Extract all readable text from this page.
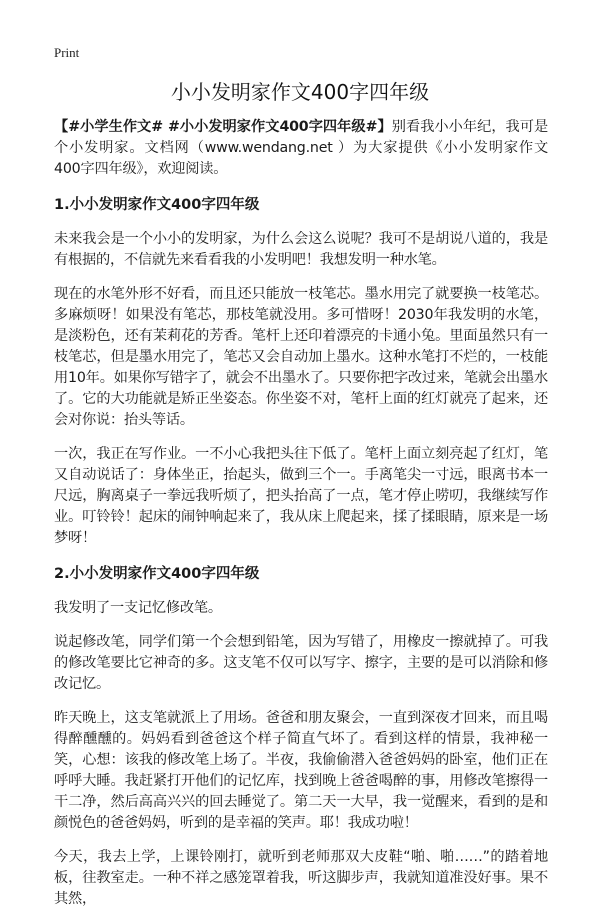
Print
小小发明家作文400字四年级

【#小学生作文# #小小发明家作文400字四年级#】别看我小小年纪，我可是个小发明家。文档网（www.wendang.net ）为大家提供《小小发明家作文400字四年级》，欢迎阅读。

1.小小发明家作文400字四年级

未来我会是一个小小的发明家，为什么会这么说呢？我可不是胡说八道的，我是有根据的，不信就先来看看我的小发明吧！我想发明一种水笔。

现在的水笔外形不好看，而且还只能放一枝笔芯。墨水用完了就要换一枝笔芯。多麻烦呀！如果没有笔芯，那枝笔就没用。多可惜呀！2030年我发明的水笔，是淡粉色，还有茉莉花的芳香。笔杆上还印着漂亮的卡通小兔。里面虽然只有一枝笔芯，但是墨水用完了，笔芯又会自动加上墨水。这种水笔打不烂的，一枝能用10年。如果你写错字了，就会不出墨水了。只要你把字改过来，笔就会出墨水了。它的大功能就是矫正坐姿态。你坐姿不对，笔杆上面的红灯就亮了起来，还会对你说：抬头等话。

一次，我正在写作业。一不小心我把头往下低了。笔杆上面立刻亮起了红灯，笔又自动说话了：身体坐正，抬起头，做到三个一。手离笔尖一寸远，眼离书本一尺远，胸离桌子一拳远我听烦了，把头抬高了一点，笔才停止唠叨，我继续写作业。叮铃铃！起床的闹钟响起来了，我从床上爬起来，揉了揉眼睛，原来是一场梦呀！

2.小小发明家作文400字四年级

我发明了一支记忆修改笔。

说起修改笔，同学们第一个会想到铅笔，因为写错了，用橡皮一擦就掉了。可我的修改笔要比它神奇的多。这支笔不仅可以写字、擦字，主要的是可以消除和修改记忆。

昨天晚上，这支笔就派上了用场。爸爸和朋友聚会，一直到深夜才回来，而且喝得醉醺醺的。妈妈看到爸爸这个样子简直气坏了。看到这样的情景，我神秘一笑，心想：该我的修改笔上场了。半夜，我偷偷潜入爸爸妈妈的卧室，他们正在呼呼大睡。我赶紧打开他们的记忆库，找到晚上爸爸喝醉的事，用修改笔擦得一干二净，然后高高兴兴的回去睡觉了。第二天一大早，我一觉醒来，看到的是和颜悦色的爸爸妈妈，听到的是幸福的笑声。耶！我成功啦！

今天，我去上学，上课铃刚打，就听到老师那双大皮鞋“啪、啪……”的踏着地板，往教室走。一种不祥之感笼罩着我，听这脚步声，我就知道准没好事。果不其然，
